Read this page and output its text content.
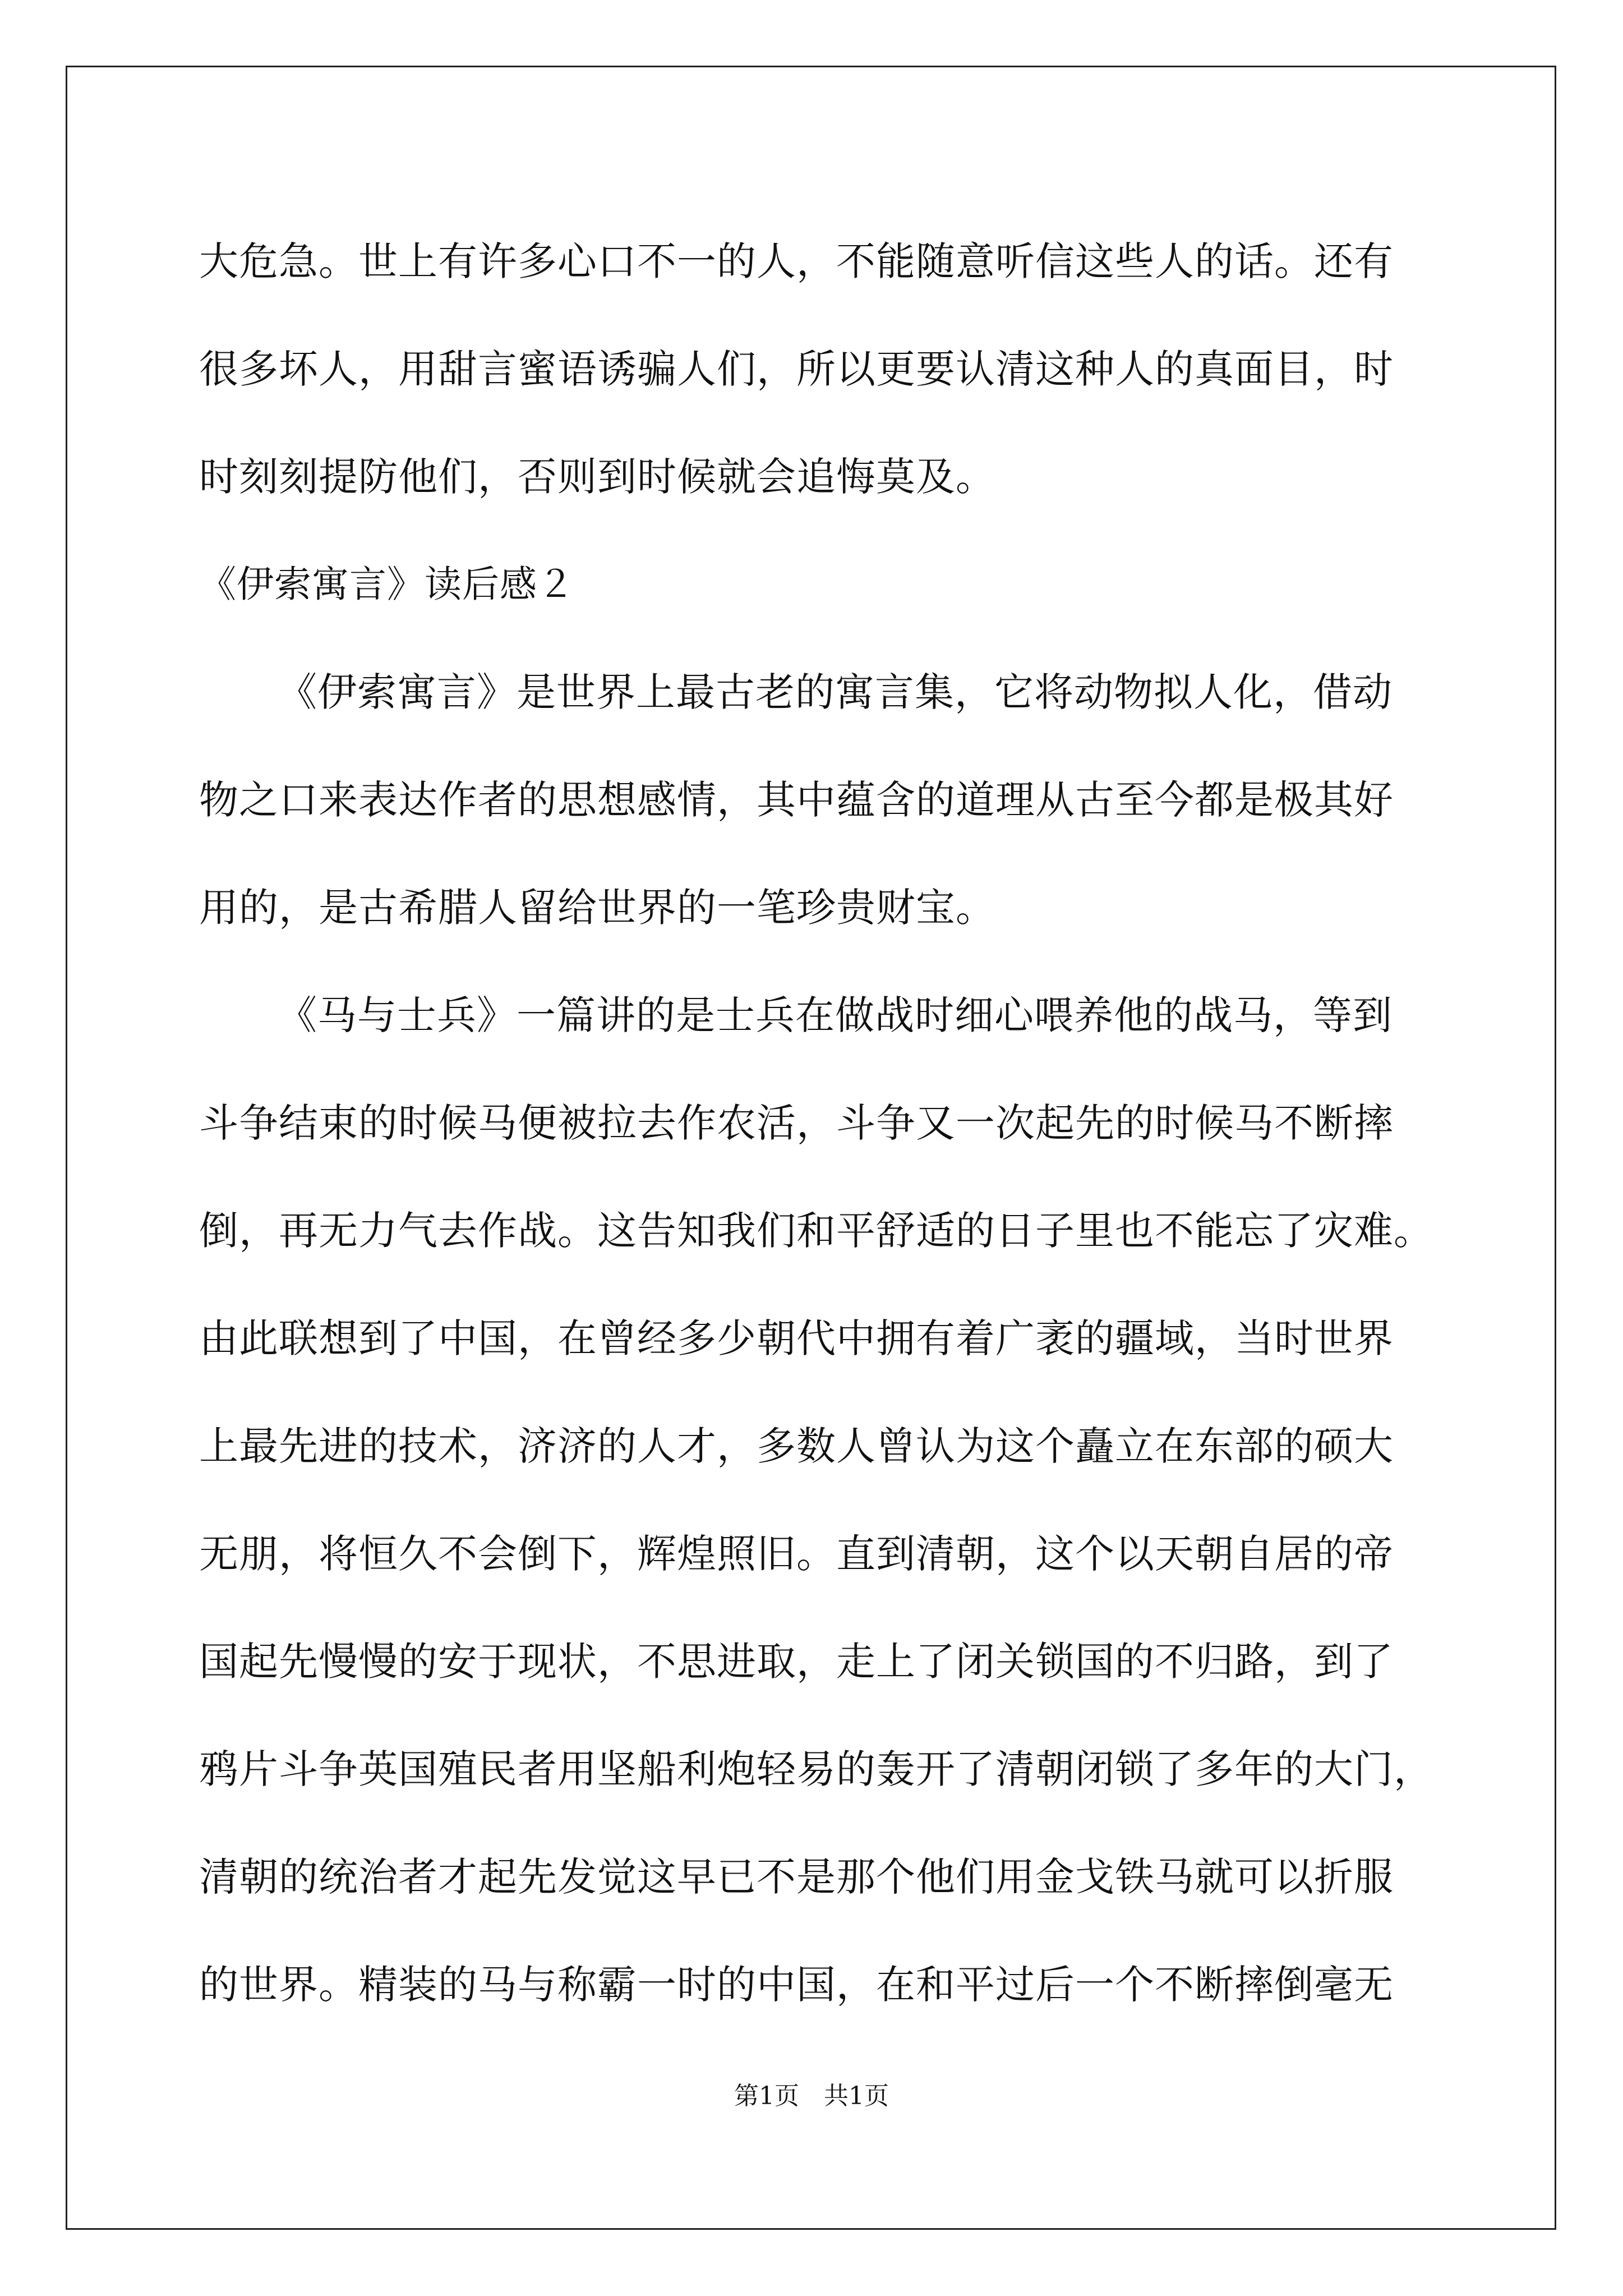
大危急。世上有许多心口不一的人，不能随意听信这些人的话。还有
很多坏人，用甜言蜜语诱骗人们，所以更要认清这种人的真面目，时
时刻刻提防他们，否则到时候就会追悔莫及。
《伊索寓言》读后感２
《伊索寓言》是世界上最古老的寓言集，它将动物拟人化，借动
物之口来表达作者的思想感情，其中蕴含的道理从古至今都是极其好
用的，是古希腊人留给世界的一笔珍贵财宝。
《马与士兵》一篇讲的是士兵在做战时细心喂养他的战马，等到
斗争结束的时候马便被拉去作农活，斗争又一次起先的时候马不断摔
倒，再无力气去作战。这告知我们和平舒适的日子里也不能忘了灾难。
由此联想到了中国，在曾经多少朝代中拥有着广袤的疆域，当时世界
上最先进的技术，济济的人才，多数人曾认为这个矗立在东部的硕大
无朋，将恒久不会倒下，辉煌照旧。直到清朝，这个以天朝自居的帝
国起先慢慢的安于现状，不思进取，走上了闭关锁国的不归路，到了
鸦片斗争英国殖民者用坚船利炮轻易的轰开了清朝闭锁了多年的大门，
清朝的统治者才起先发觉这早已不是那个他们用金戈铁马就可以折服
的世界。精装的马与称霸一时的中国，在和平过后一个不断摔倒毫无
第1页　共1页
